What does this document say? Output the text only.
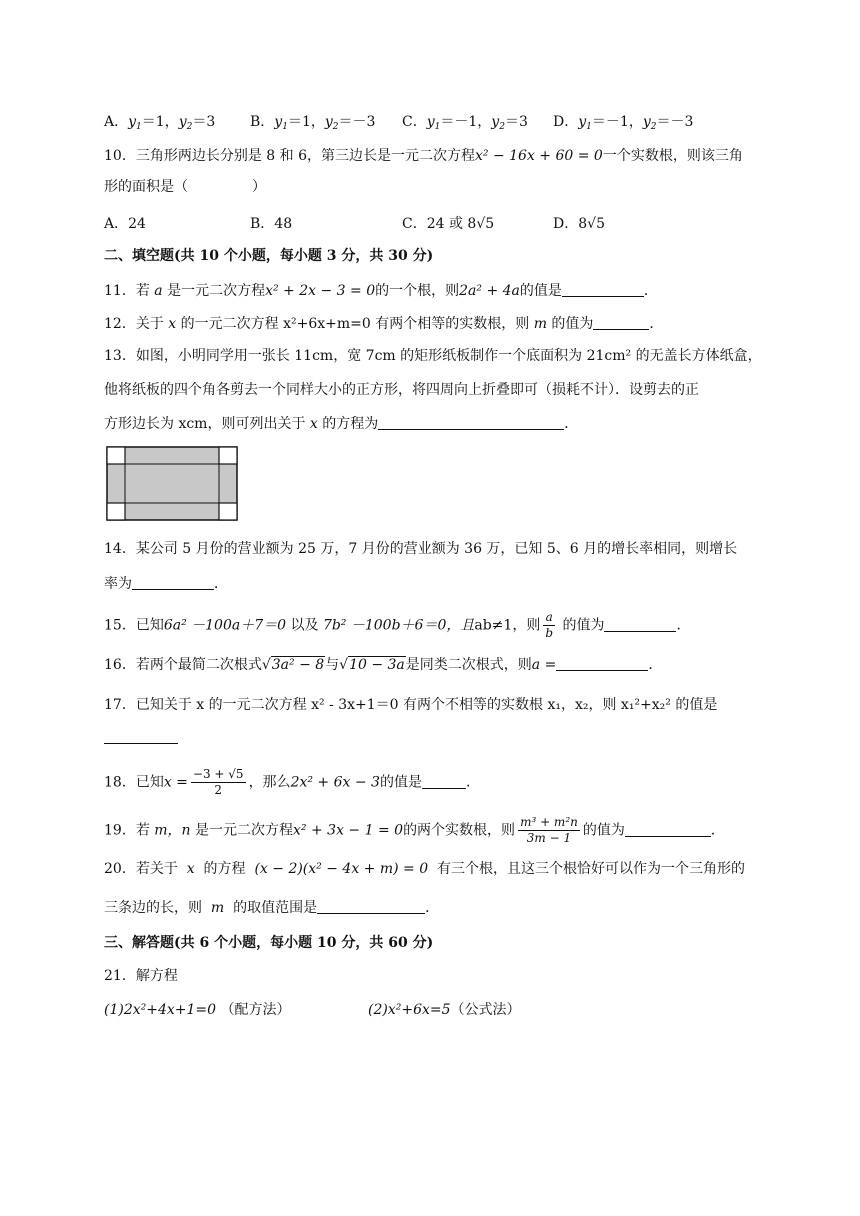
A．$y_1=1$，$y_2=3$ B．$y_1=1$，$y_2=-3$ C．$y_1=-1$，$y_2=3$ D．$y_1=-1$，$y_2=-3$
10．三角形两边长分别是 8 和 6，第三边长是一元二次方程x² − 16x + 60 = 0一个实数根，则该三角
形的面积是（	）
A．24	B．48	C．24 或 8√5	D．8√5
二、填空题(共 10 个小题，每小题 3 分，共 30 分)
11．若 a 是一元二次方程x² + 2x − 3 = 0的一个根，则2a² + 4a的值是	．
12．关于 x 的一元二次方程 x²+6x+m=0 有两个相等的实数根，则 m 的值为	．
13．如图，小明同学用一张长 11cm，宽 7cm 的矩形纸板制作一个底面积为 21cm² 的无盖长方体纸盒，
他将纸板的四个角各剪去一个同样大小的正方形，将四周向上折叠即可（损耗不计）．设剪去的正
方形边长为 xcm，则可列出关于 x 的方程为	．
14．某公司 5 月份的营业额为 25 万，7 月份的营业额为 36 万，已知 5、6 月的增长率相同，则增长
率为	．
15．已知6a² －100a＋7＝0 以及 7b² －100b＋6＝0，且ab≠1，则 $\frac{a}{b}$ 的值为	．
16．若两个最简二次根式√3a² − 8与√10 − 3a是同类二次根式，则a =	．
17．已知关于 x 的一元二次方程 x² - 3x+1＝0 有两个不相等的实数根 x₁，x₂，则 x₁²+x₂² 的值是
18．已知$x = \frac{-3 + √5}{2}$ ，那么2x² + 6x − 3的值是	．
19．若 m，n 是一元二次方程x² + 3x − 1 = 0的两个实数根，则 $\frac{\text{m³ + m²n}}{3m - 1}$ 的值为	．
20．若关于 x 的方程 (x − 2)(x² − 4x + m) = 0 有三个根，且这三个根恰好可以作为一个三角形的
三条边的长，则 m 的取值范围是	．
三、解答题(共 6 个小题，每小题 10 分，共 60 分)
21．解方程
(1)2x²+4x+1=0 （配方法）	(2)x²+6x=5（公式法）
